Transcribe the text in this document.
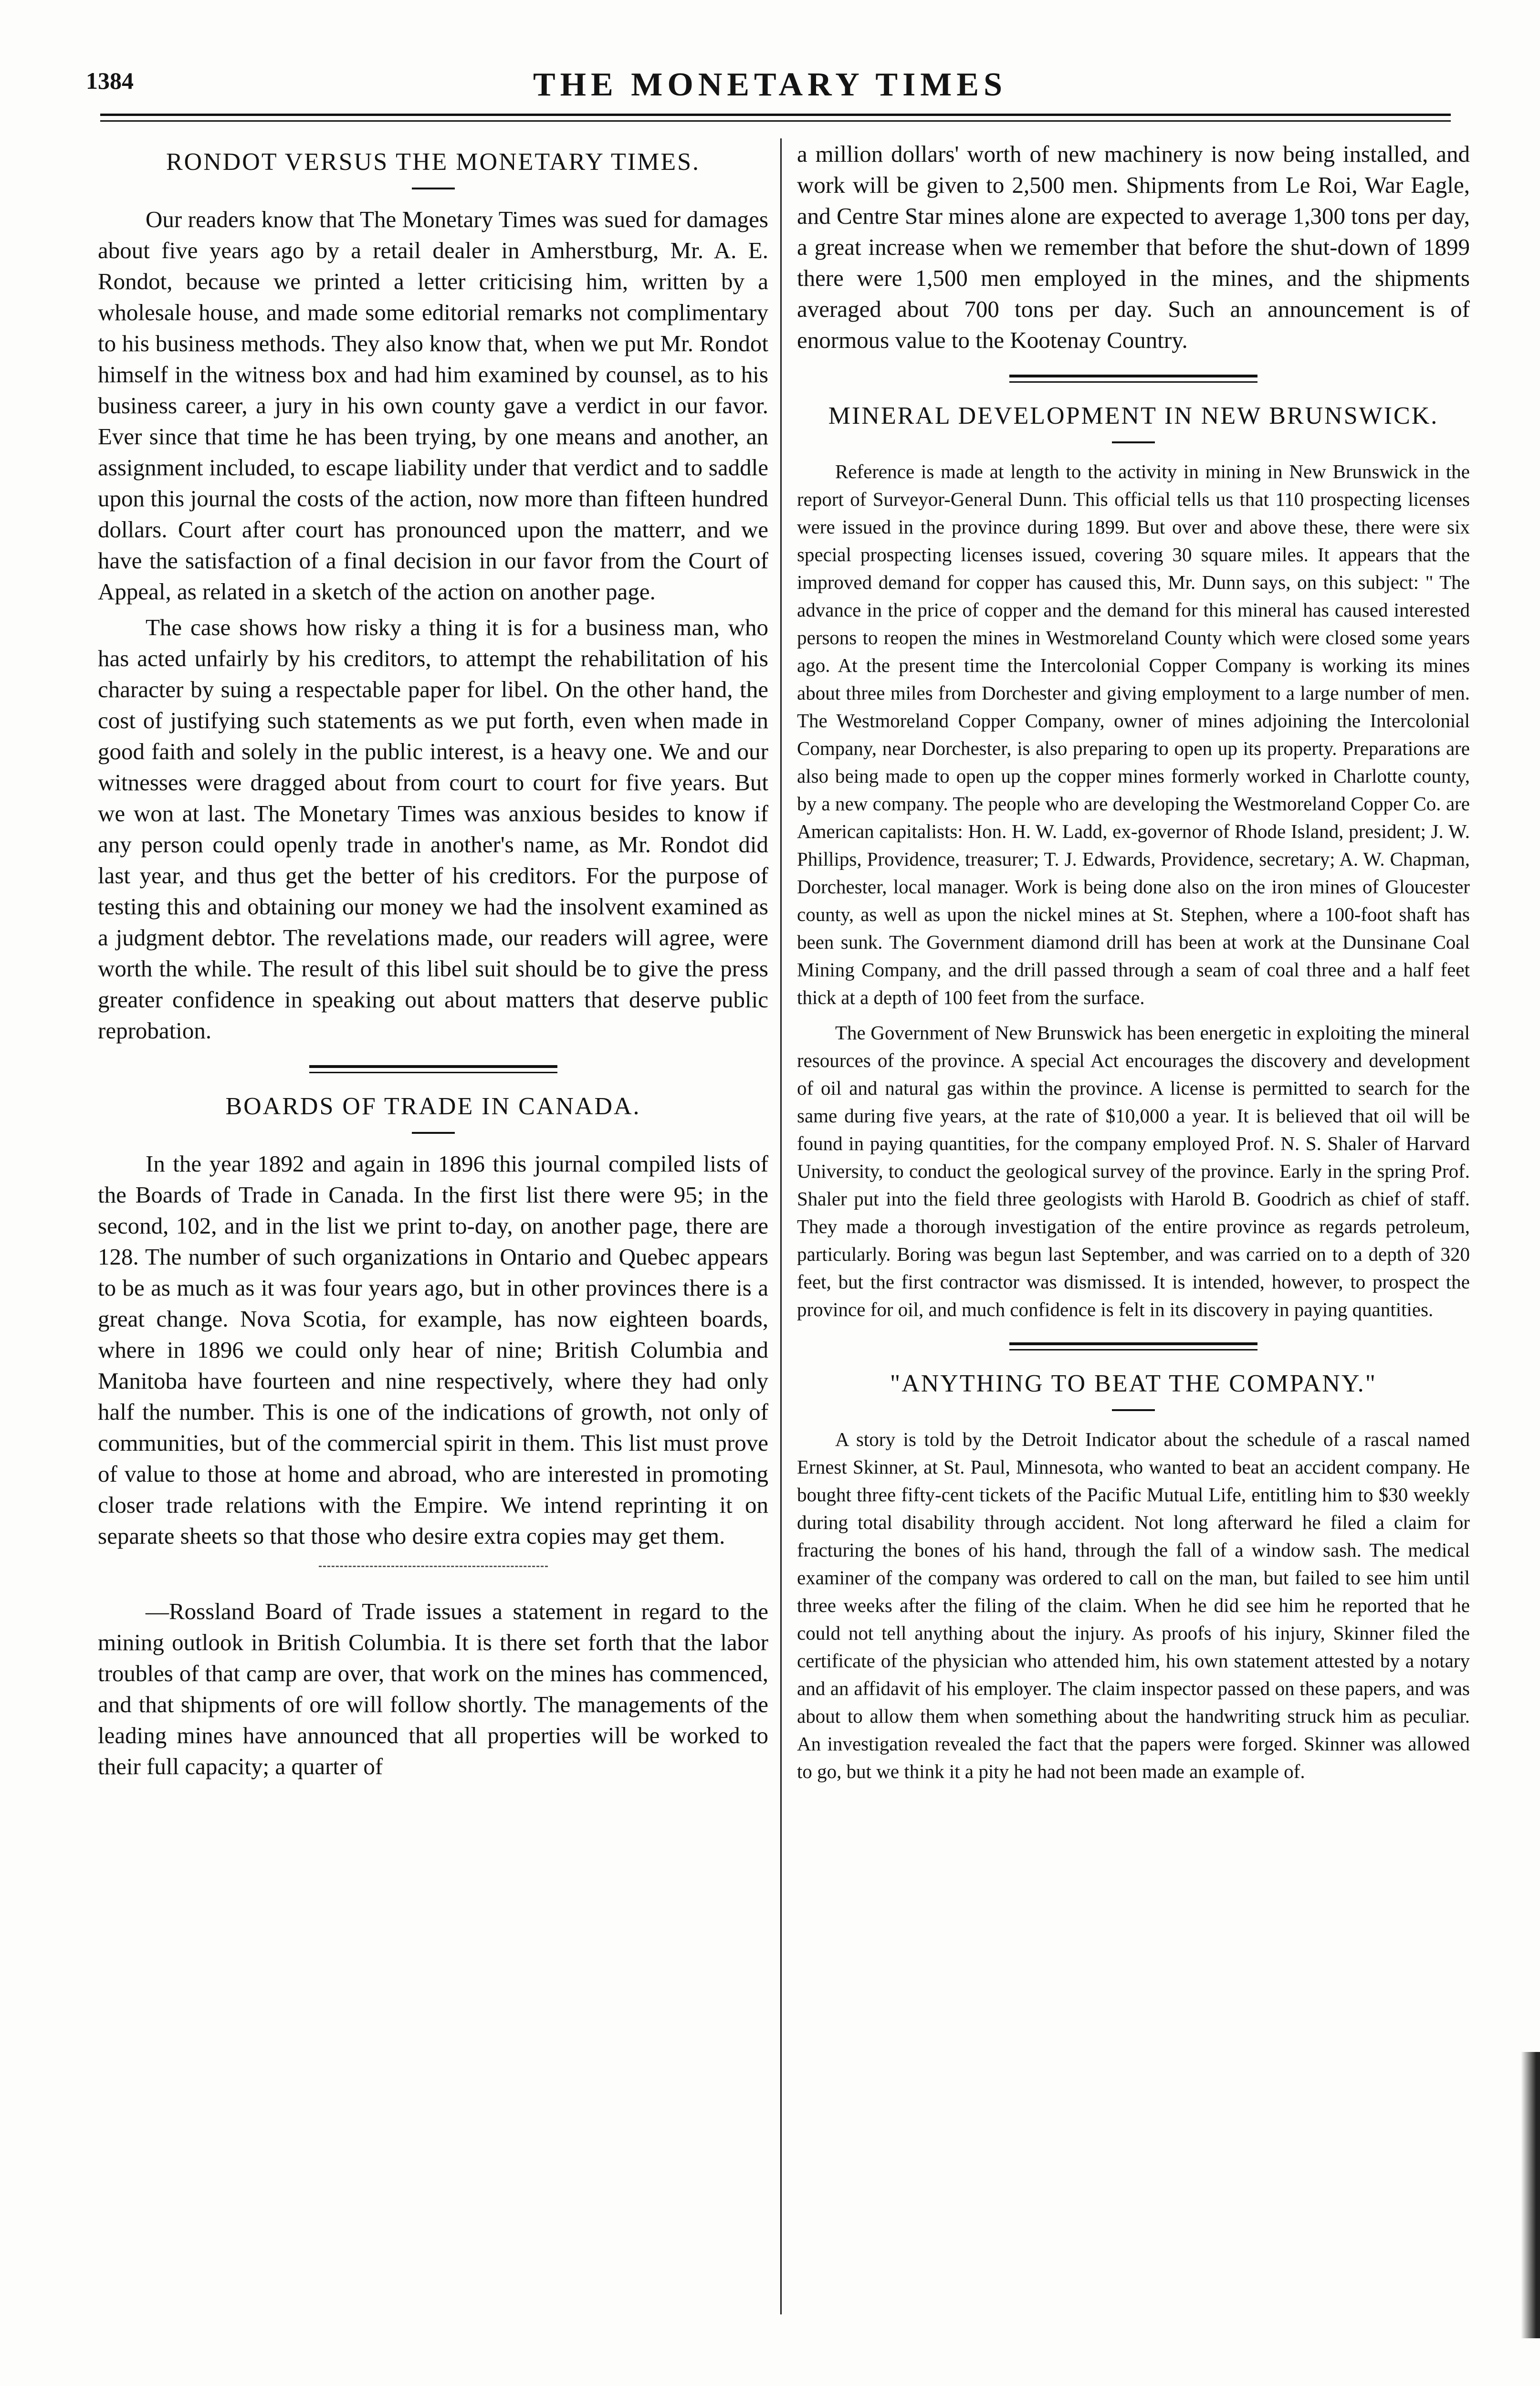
1384	THE MONETARY TIMES
RONDOT VERSUS THE MONETARY TIMES.

Our readers know that The Monetary Times was sued for damages about five years ago by a retail dealer in Amherstburg, Mr. A. E. Rondot, because we printed a letter criticising him, written by a wholesale house, and made some editorial remarks not complimentary to his business methods. They also know that, when we put Mr. Rondot himself in the witness box and had him examined by counsel, as to his business career, a jury in his own county gave a verdict in our favor. Ever since that time he has been trying, by one means and another, an assignment included, to escape liability under that verdict and to saddle upon this journal the costs of the action, now more than fifteen hundred dollars. Court after court has pronounced upon the matterr, and we have the satisfaction of a final decision in our favor from the Court of Appeal, as related in a sketch of the action on another page.

The case shows how risky a thing it is for a business man, who has acted unfairly by his creditors, to attempt the rehabilitation of his character by suing a respectable paper for libel. On the other hand, the cost of justifying such statements as we put forth, even when made in good faith and solely in the public interest, is a heavy one. We and our witnesses were dragged about from court to court for five years. But we won at last. The Monetary Times was anxious besides to know if any person could openly trade in another's name, as Mr. Rondot did last year, and thus get the better of his creditors. For the purpose of testing this and obtaining our money we had the insolvent examined as a judgment debtor. The revelations made, our readers will agree, were worth the while. The result of this libel suit should be to give the press greater confidence in speaking out about matters that deserve public reprobation.

BOARDS OF TRADE IN CANADA.

In the year 1892 and again in 1896 this journal compiled lists of the Boards of Trade in Canada. In the first list there were 95; in the second, 102, and in the list we print to-day, on another page, there are 128. The number of such organizations in Ontario and Quebec appears to be as much as it was four years ago, but in other provinces there is a great change. Nova Scotia, for example, has now eighteen boards, where in 1896 we could only hear of nine; British Columbia and Manitoba have fourteen and nine respectively, where they had only half the number. This is one of the indications of growth, not only of communities, but of the commercial spirit in them. This list must prove of value to those at home and abroad, who are interested in promoting closer trade relations with the Empire. We intend reprinting it on separate sheets so that those who desire extra copies may get them.

—Rossland Board of Trade issues a statement in regard to the mining outlook in British Columbia. It is there set forth that the labor troubles of that camp are over, that work on the mines has commenced, and that shipments of ore will follow shortly. The managements of the leading mines have announced that all properties will be worked to their full capacity; a quarter of

a million dollars' worth of new machinery is now being installed, and work will be given to 2,500 men. Shipments from Le Roi, War Eagle, and Centre Star mines alone are expected to average 1,300 tons per day, a great increase when we remember that before the shut-down of 1899 there were 1,500 men employed in the mines, and the shipments averaged about 700 tons per day. Such an announcement is of enormous value to the Kootenay Country.

MINERAL DEVELOPMENT IN NEW BRUNSWICK.

Reference is made at length to the activity in mining in New Brunswick in the report of Surveyor-General Dunn. This official tells us that 110 prospecting licenses were issued in the province during 1899. But over and above these, there were six special prospecting licenses issued, covering 30 square miles. It appears that the improved demand for copper has caused this, Mr. Dunn says, on this subject: " The advance in the price of copper and the demand for this mineral has caused interested persons to reopen the mines in Westmoreland County which were closed some years ago. At the present time the Intercolonial Copper Company is working its mines about three miles from Dorchester and giving employment to a large number of men. The Westmoreland Copper Company, owner of mines adjoining the Intercolonial Company, near Dorchester, is also preparing to open up its property. Preparations are also being made to open up the copper mines formerly worked in Charlotte county, by a new company. The people who are developing the Westmoreland Copper Co. are American capitalists: Hon. H. W. Ladd, ex-governor of Rhode Island, president; J. W. Phillips, Providence, treasurer; T. J. Edwards, Providence, secretary; A. W. Chapman, Dorchester, local manager. Work is being done also on the iron mines of Gloucester county, as well as upon the nickel mines at St. Stephen, where a 100-foot shaft has been sunk. The Government diamond drill has been at work at the Dunsinane Coal Mining Company, and the drill passed through a seam of coal three and a half feet thick at a depth of 100 feet from the surface.

The Government of New Brunswick has been energetic in exploiting the mineral resources of the province. A special Act encourages the discovery and development of oil and natural gas within the province. A license is permitted to search for the same during five years, at the rate of $10,000 a year. It is believed that oil will be found in paying quantities, for the company employed Prof. N. S. Shaler of Harvard University, to conduct the geological survey of the province. Early in the spring Prof. Shaler put into the field three geologists with Harold B. Goodrich as chief of staff. They made a thorough investigation of the entire province as regards petroleum, particularly. Boring was begun last September, and was carried on to a depth of 320 feet, but the first contractor was dismissed. It is intended, however, to prospect the province for oil, and much confidence is felt in its discovery in paying quantities.

"ANYTHING TO BEAT THE COMPANY."

A story is told by the Detroit Indicator about the schedule of a rascal named Ernest Skinner, at St. Paul, Minnesota, who wanted to beat an accident company. He bought three fifty-cent tickets of the Pacific Mutual Life, entitling him to $30 weekly during total disability through accident. Not long afterward he filed a claim for fracturing the bones of his hand, through the fall of a window sash. The medical examiner of the company was ordered to call on the man, but failed to see him until three weeks after the filing of the claim. When he did see him he reported that he could not tell anything about the injury. As proofs of his injury, Skinner filed the certificate of the physician who attended him, his own statement attested by a notary and an affidavit of his employer. The claim inspector passed on these papers, and was about to allow them when something about the handwriting struck him as peculiar. An investigation revealed the fact that the papers were forged. Skinner was allowed to go, but we think it a pity he had not been made an example of.
